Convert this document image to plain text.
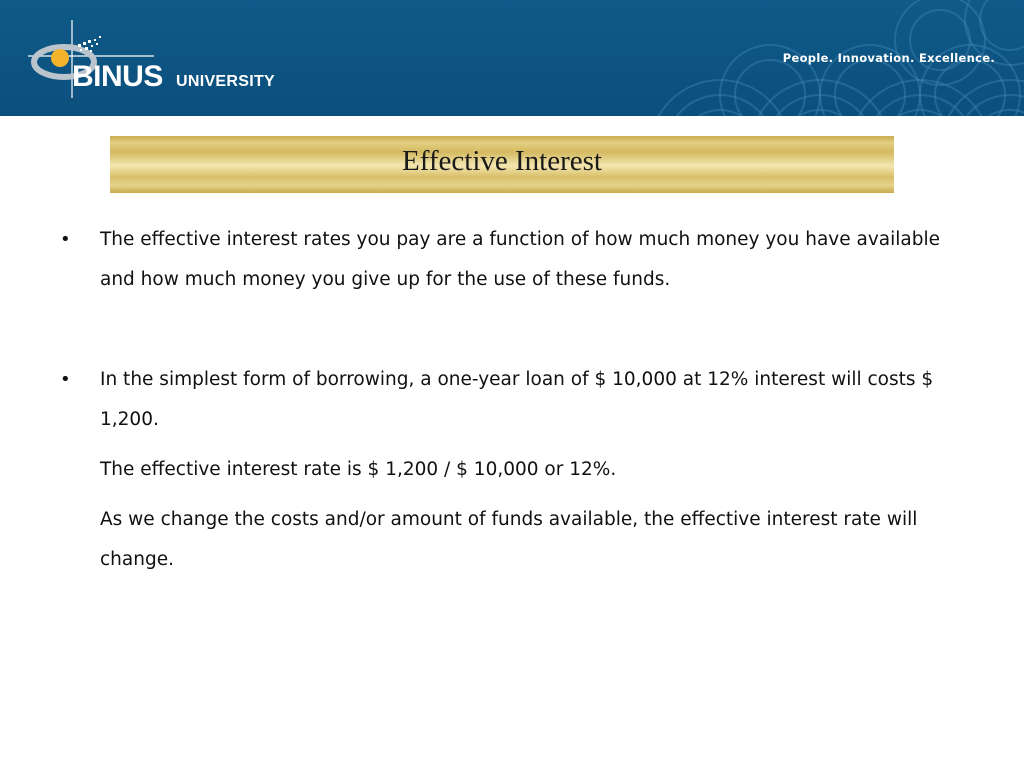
BINUS UNIVERSITY
People. Innovation. Excellence.
Effective Interest
• The effective interest rates you pay are a function of how much money you have available and how much money you give up for the use of these funds.
• In the simplest form of borrowing, a one-year loan of $ 10,000 at 12% interest will costs $ 1,200.
The effective interest rate is $ 1,200 / $ 10,000 or 12%.
As we change the costs and/or amount of funds available, the effective interest rate will change.
